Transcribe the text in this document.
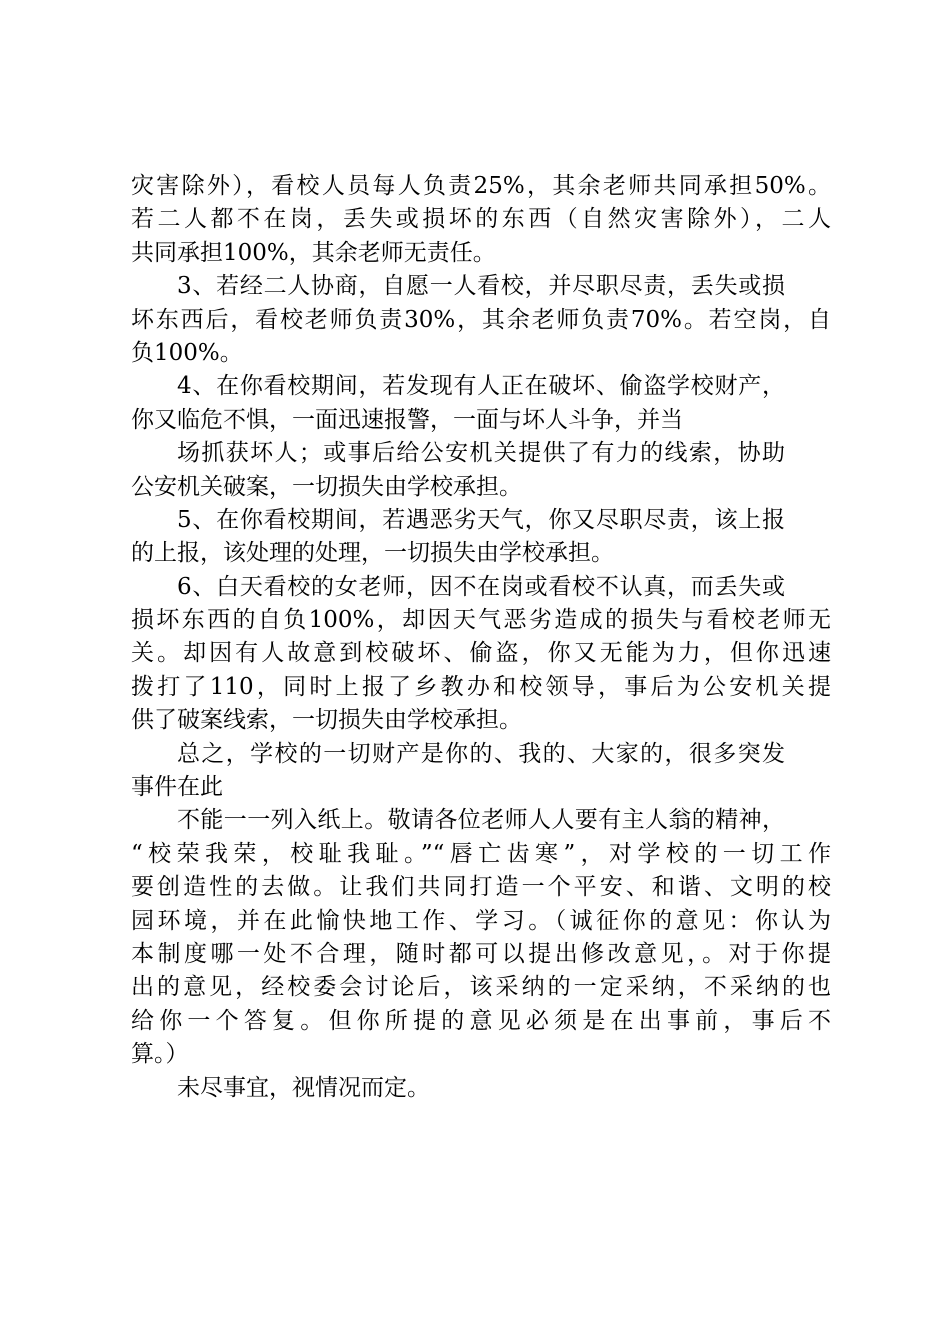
灾害除外），看校人员每人负责25%，其余老师共同承担50%。
若二人都不在岗，丢失或损坏的东西（自然灾害除外），二人
共同承担100%，其余老师无责任。
3、若经二人协商，自愿一人看校，并尽职尽责，丢失或损
坏东西后，看校老师负责30%，其余老师负责70%。若空岗，自
负100%。
4、在你看校期间，若发现有人正在破坏、偷盗学校财产，
你又临危不惧，一面迅速报警，一面与坏人斗争，并当
场抓获坏人；或事后给公安机关提供了有力的线索，协助
公安机关破案，一切损失由学校承担。
5、在你看校期间，若遇恶劣天气，你又尽职尽责，该上报
的上报，该处理的处理，一切损失由学校承担。
6、白天看校的女老师，因不在岗或看校不认真，而丢失或
损坏东西的自负100%，却因天气恶劣造成的损失与看校老师无
关。却因有人故意到校破坏、偷盗，你又无能为力，但你迅速
拨打了110，同时上报了乡教办和校领导，事后为公安机关提
供了破案线索，一切损失由学校承担。
总之，学校的一切财产是你的、我的、大家的，很多突发
事件在此
不能一一列入纸上。敬请各位老师人人要有主人翁的精神，
“校荣我荣，校耻我耻。”“唇亡齿寒”，对学校的一切工作
要创造性的去做。让我们共同打造一个平安、和谐、文明的校
园环境，并在此愉快地工作、学习。（诚征你的意见：你认为
本制度哪一处不合理，随时都可以提出修改意见，。对于你提
出的意见，经校委会讨论后，该采纳的一定采纳，不采纳的也
给你一个答复。但你所提的意见必须是在出事前，事后不
算。）
未尽事宜，视情况而定。
